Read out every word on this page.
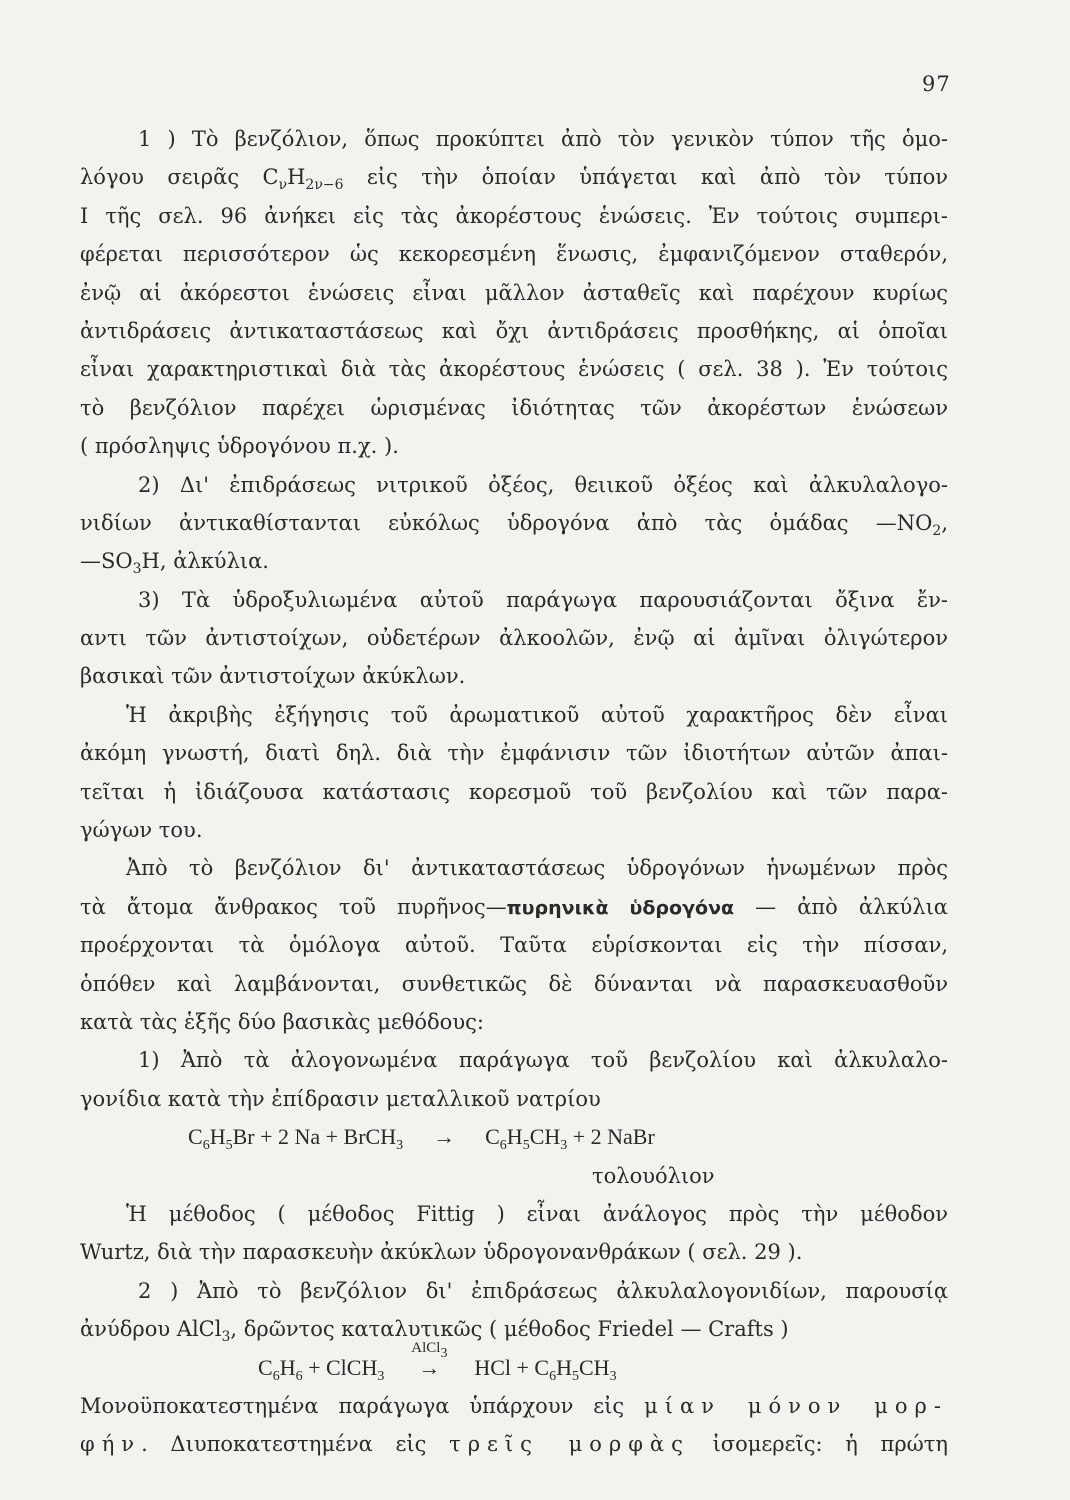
97
1 ) Τὸ βενζόλιον, ὅπως προκύπτει ἀπὸ τὸν γενικὸν τύπον τῆς ὁμο-
λόγου σειρᾶς $C_\nu H_{2\nu-6}$ εἰς τὴν ὁποίαν ὑπάγεται καὶ ἀπὸ τὸν τύπον
I τῆς σελ. 96 ἀνήκει εἰς τὰς ἀκορέστους ἑνώσεις. Ἐν τούτοις συμπερι-
φέρεται περισσότερον ὡς κεκορεσμένη ἕνωσις, ἐμφανιζόμενον σταθερόν,
ἐνῷ αἱ ἀκόρεστοι ἑνώσεις εἶναι μᾶλλον ἀσταθεῖς καὶ παρέχουν κυρίως
ἀντιδράσεις ἀντικαταστάσεως καὶ ὄχι ἀντιδράσεις προσθήκης, αἱ ὁποῖαι
εἶναι χαρακτηριστικαὶ διὰ τὰς ἀκορέστους ἑνώσεις ( σελ. 38 ). Ἐν τούτοις
τὸ βενζόλιον παρέχει ὡρισμένας ἰδιότητας τῶν ἀκορέστων ἑνώσεων
( πρόσληψις ὑδρογόνου π.χ. ).
2) Δι' ἐπιδράσεως νιτρικοῦ ὀξέος, θειικοῦ ὀξέος καὶ ἀλκυλαλογο-
νιδίων ἀντικαθίστανται εὐκόλως ὑδρογόνα ἀπὸ τὰς ὁμάδας $—NO_2$,
$—SO_3H$, ἀλκύλια.
3) Τὰ ὑδροξυλιωμένα αὐτοῦ παράγωγα παρουσιάζονται ὄξινα ἔν-
αντι τῶν ἀντιστοίχων, οὐδετέρων ἀλκοολῶν, ἐνῷ αἱ ἀμῖναι ὀλιγώτερον
βασικαὶ τῶν ἀντιστοίχων ἀκύκλων.
Ἡ ἀκριβὴς ἐξήγησις τοῦ ἀρωματικοῦ αὐτοῦ χαρακτῆρος δὲν εἶναι
ἀκόμη γνωστή, διατὶ δηλ. διὰ τὴν ἐμφάνισιν τῶν ἰδιοτήτων αὐτῶν ἀπαι-
τεῖται ἡ ἰδιάζουσα κατάστασις κορεσμοῦ τοῦ βενζολίου καὶ τῶν παρα-
γώγων του.
Ἀπὸ τὸ βενζόλιον δι' ἀντικαταστάσεως ὑδρογόνων ἡνωμένων πρὸς
τὰ ἄτομα ἄνθρακος τοῦ πυρῆνος—πυρηνικὰ ὑδρογόνα — ἀπὸ ἀλκύλια
προέρχονται τὰ ὁμόλογα αὐτοῦ. Ταῦτα εὑρίσκονται εἰς τὴν πίσσαν,
ὁπόθεν καὶ λαμβάνονται, συνθετικῶς δὲ δύνανται νὰ παρασκευασθοῦν
κατὰ τὰς ἑξῆς δύο βασικὰς μεθόδους:
1) Ἀπὸ τὰ ἀλογονωμένα παράγωγα τοῦ βενζολίου καὶ ἀλκυλαλο-
γονίδια κατὰ τὴν ἐπίδρασιν μεταλλικοῦ νατρίου
$C_6H_5Br + 2$ Na + BrCH$_3$ → $C_6H_5CH_3 + 2$ NaBr
τολουόλιον
Ἡ μέθοδος ( μέθοδος Fittig ) εἶναι ἀνάλογος πρὸς τὴν μέθοδον
Wurtz, διὰ τὴν παρασκευὴν ἀκύκλων ὑδρογονανθράκων ( σελ. 29 ).
2 ) Ἀπὸ τὸ βενζόλιον δι' ἐπιδράσεως ἀλκυλαλογονιδίων, παρουσίᾳ
ἀνύδρου AlCl$_3$, δρῶντος καταλυτικῶς ( μέθοδος Friedel — Crafts )
$C_6H_6$ + ClCH$_3$
AlCl3
→ HCl + $C_6H_5CH_3$
Μονοϋποκατεστημένα παράγωγα ὑπάρχουν εἰς μίαν μόνον μορ-
φήν. Διυποκατεστημένα εἰς τρεῖς μορφὰς ἰσομερεῖς: ἡ πρώτη
